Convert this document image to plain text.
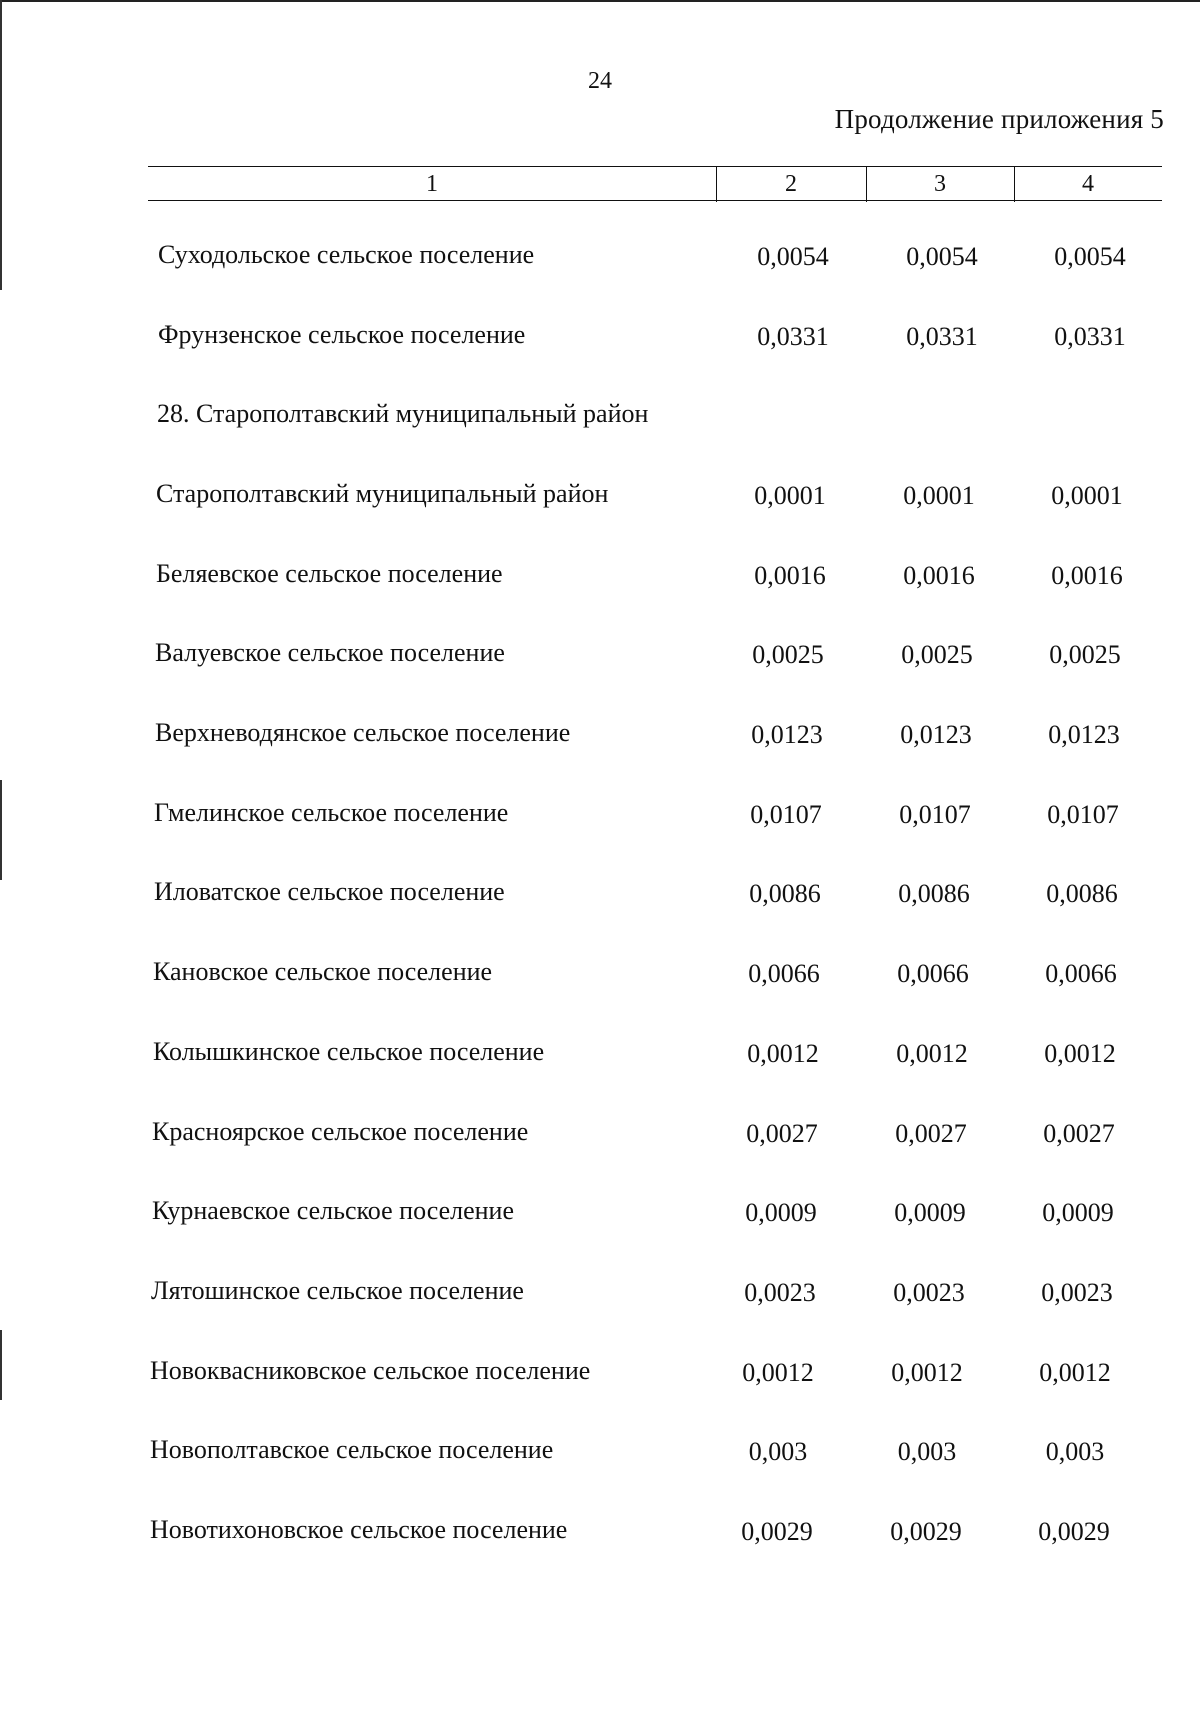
24
Продолжение приложения 5
1	2	3	4
Суходольское сельское поселение	0,0054	0,0054	0,0054
Фрунзенское сельское поселение	0,0331	0,0331	0,0331
28. Старополтавский муниципальный район
Старополтавский муниципальный район	0,0001	0,0001	0,0001
Беляевское сельское поселение	0,0016	0,0016	0,0016
Валуевское сельское поселение	0,0025	0,0025	0,0025
Верхневодянское сельское поселение	0,0123	0,0123	0,0123
Гмелинское сельское поселение	0,0107	0,0107	0,0107
Иловатское сельское поселение	0,0086	0,0086	0,0086
Кановское сельское поселение	0,0066	0,0066	0,0066
Колышкинское сельское поселение	0,0012	0,0012	0,0012
Красноярское сельское поселение	0,0027	0,0027	0,0027
Курнаевское сельское поселение	0,0009	0,0009	0,0009
Лятошинское сельское поселение	0,0023	0,0023	0,0023
Новоквасниковское сельское поселение	0,0012	0,0012	0,0012
Новополтавское сельское поселение	0,003	0,003	0,003
Новотихоновское сельское поселение	0,0029	0,0029	0,0029
